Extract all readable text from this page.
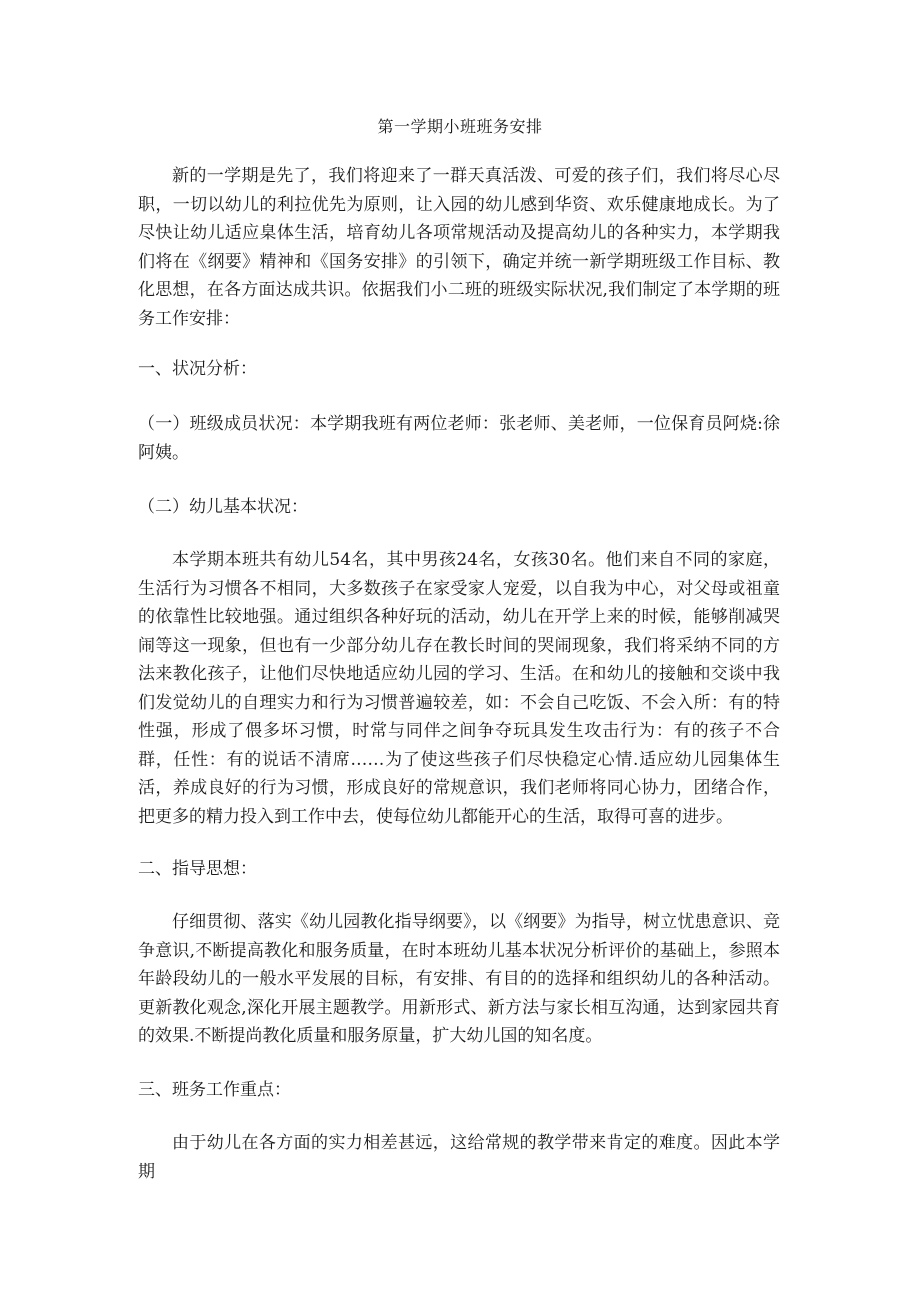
第一学期小班班务安排

新的一学期是先了，我们将迎来了一群天真活泼、可爱的孩子们，我们将尽心尽职，一切以幼儿的利拉优先为原则，让入园的幼儿感到华资、欢乐健康地成长。为了尽快让幼儿适应臬体生活，培育幼儿各项常规活动及提高幼儿的各种实力，本学期我们将在《纲要》精神和《国务安排》的引领下，确定并统一新学期班级工作目标、教化思想，在各方面达成共识。依据我们小二班的班级实际状况,我们制定了本学期的班务工作安排：

一、状况分析：

（一）班级成员状况：本学期我班有两位老师：张老师、美老师，一位保育员阿烧:徐阿姨。

（二）幼儿基本状况：

本学期本班共有幼儿54名，其中男孩24名，女孩30名。他们来自不同的家庭，生活行为习惯各不相同，大多数孩子在家受家人宠爱，以自我为中心，对父母或祖童的依靠性比较地强。通过组织各种好玩的活动，幼儿在开学上来的时候，能够削减哭闹等这一现象，但也有一少部分幼儿存在教长时间的哭闹现象，我们将采纳不同的方法来教化孩子，让他们尽快地适应幼儿园的学习、生活。在和幼儿的接触和交谈中我们发觉幼儿的自理实力和行为习惯普遍较差，如：不会自己吃饭、不会入所：有的特性强，形成了偎多坏习惯，时常与同伴之间争夺玩具发生攻击行为：有的孩子不合群，任性：有的说话不清席……为了使这些孩子们尽快稳定心情.适应幼儿园集体生活，养成良好的行为习惯，形成良好的常规意识，我们老师将同心协力，团绪合作，把更多的精力投入到工作中去，使每位幼儿都能开心的生活，取得可喜的进步。

二、指导思想：

仔细贯彻、落实《幼儿园教化指导纲要》，以《纲要》为指导，树立忧患意识、竞争意识,不断提高教化和服务质量，在时本班幼儿基本状况分析评价的基础上，参照本年龄段幼儿的一般水平发展的目标，有安排、有目的的选择和组织幼儿的各种活动。更新教化观念,深化开展主题教学。用新形式、新方法与家长相互沟通，达到家园共育的效果.不断提尚教化质量和服务原量，扩大幼儿国的知名度。

三、班务工作重点：

由于幼儿在各方面的实力相差甚远，这给常规的教学带来肯定的难度。因此本学期
